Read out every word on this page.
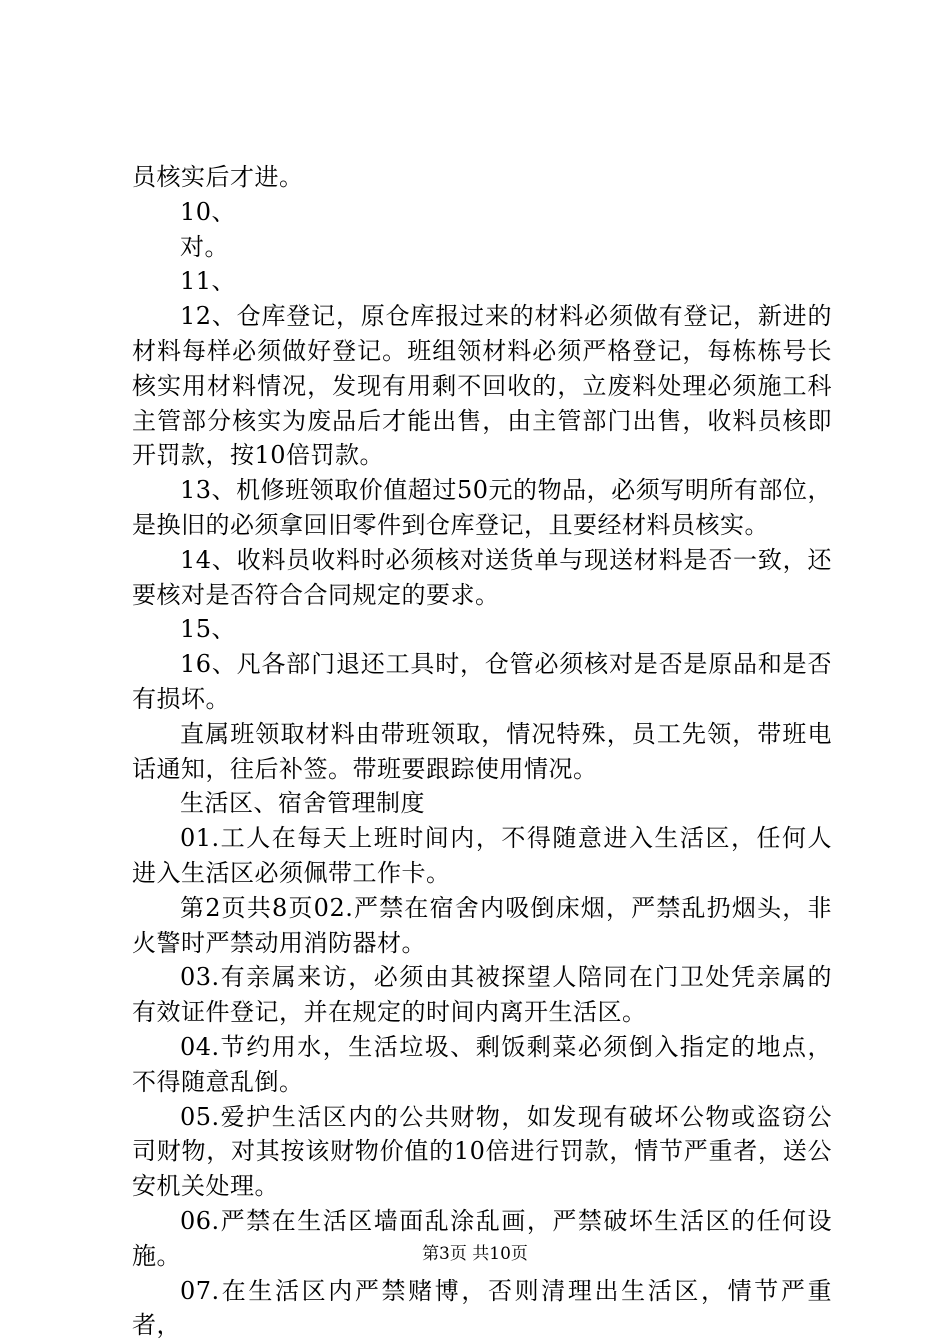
员核实后才进。

10、

对。

11、

12、仓库登记，原仓库报过来的材料必须做有登记，新进的材料每样必须做好登记。班组领材料必须严格登记，每栋栋号长核实用材料情况，发现有用剩不回收的，立废料处理必须施工科主管部分核实为废品后才能出售，由主管部门出售，收料员核即开罚款，按10倍罚款。

13、机修班领取价值超过50元的物品，必须写明所有部位，是换旧的必须拿回旧零件到仓库登记，且要经材料员核实。

14、收料员收料时必须核对送货单与现送材料是否一致，还要核对是否符合合同规定的要求。

15、

16、凡各部门退还工具时，仓管必须核对是否是原品和是否有损坏。

直属班领取材料由带班领取，情况特殊，员工先领，带班电话通知，往后补签。带班要跟踪使用情况。

生活区、宿舍管理制度

01.工人在每天上班时间内，不得随意进入生活区，任何人进入生活区必须佩带工作卡。

第2页共8页02.严禁在宿舍内吸倒床烟，严禁乱扔烟头，非火警时严禁动用消防器材。

03.有亲属来访，必须由其被探望人陪同在门卫处凭亲属的有效证件登记，并在规定的时间内离开生活区。

04.节约用水，生活垃圾、剩饭剩菜必须倒入指定的地点，不得随意乱倒。

05.爱护生活区内的公共财物，如发现有破坏公物或盗窃公司财物，对其按该财物价值的10倍进行罚款，情节严重者，送公安机关处理。

06.严禁在生活区墙面乱涂乱画，严禁破坏生活区的任何设施。

07.在生活区内严禁赌博，否则清理出生活区，情节严重者，

第3页 共10页
